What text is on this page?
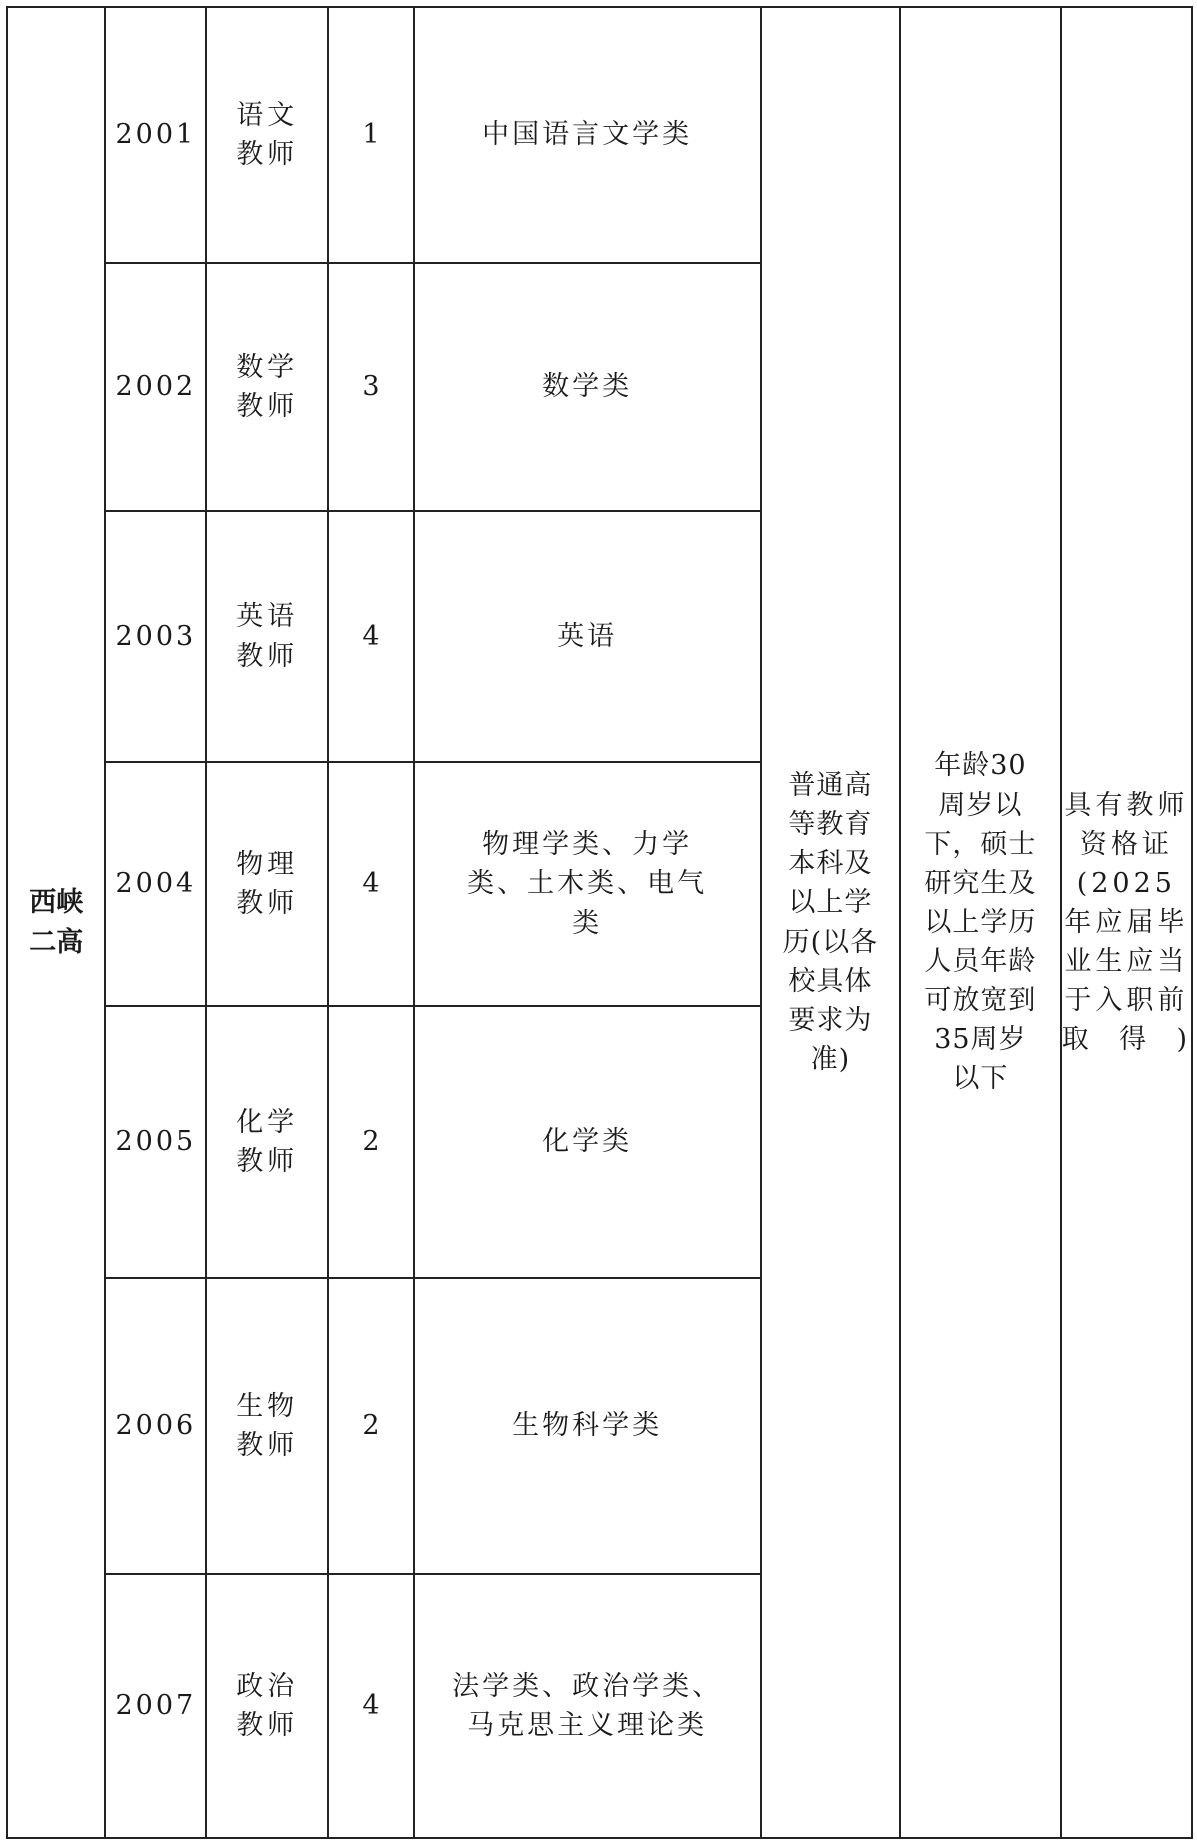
西峡二高	2001	语文教师	1	中国语言文学类	普通高等教育本科及以上学历(以各校具体要求为准)	年龄30周岁以下，硕士研究生及以上学历人员年龄可放宽到35周岁以下	具有教师资格证(2025年应届毕业生应当于入职前取得)
	2002	数学教师	3	数学类			
	2003	英语教师	4	英语			
	2004	物理教师	4	物理学类、力学类、土木类、电气类			
	2005	化学教师	2	化学类			
	2006	生物教师	2	生物科学类			
	2007	政治教师	4	法学类、政治学类、马克思主义理论类			
